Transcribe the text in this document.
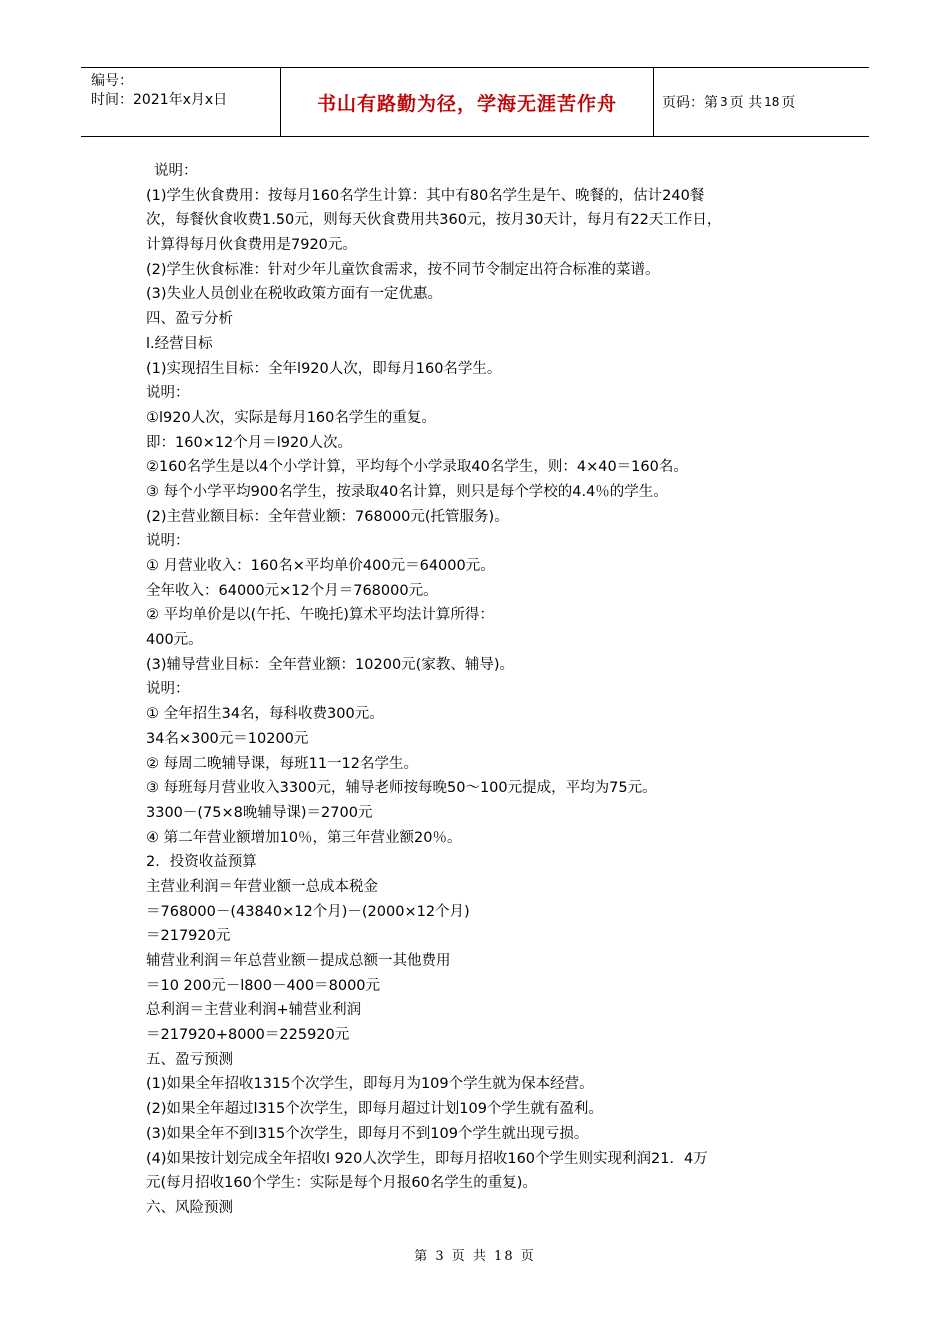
编号：
时间：2021年x月x日	书山有路勤为径，学海无涯苦作舟	页码：第 3 页 共 18 页
说明：
(1)学生伙食费用：按每月160名学生计算：其中有80名学生是午、晚餐的，估计240餐
次，每餐伙食收费1.50元，则每天伙食费用共360元，按月30天计，每月有22天工作日，
计算得每月伙食费用是7920元。
(2)学生伙食标准：针对少年儿童饮食需求，按不同节令制定出符合标准的菜谱。
(3)失业人员创业在税收政策方面有一定优惠。
四、盈亏分析
l.经营目标
(1)实现招生目标：全年l920人次，即每月160名学生。
说明：
①l920人次，实际是每月160名学生的重复。
即：160×12个月＝l920人次。
②160名学生是以4个小学计算，平均每个小学录取40名学生，则：4×40＝160名。
③ 每个小学平均900名学生，按录取40名计算，则只是每个学校的4.4％的学生。
(2)主营业额目标：全年营业额：768000元(托管服务)。
说明：
① 月营业收入：160名×平均单价400元＝64000元。
全年收入：64000元×12个月＝768000元。
② 平均单价是以(午托、午晚托)算术平均法计算所得：
400元。
(3)辅导营业目标：全年营业额：10200元(家教、辅导)。
说明：
① 全年招生34名，每科收费300元。
34名×300元＝10200元
② 每周二晚辅导课，每班11一12名学生。
③ 每班每月营业收入3300元，辅导老师按每晚50～100元提成，平均为75元。
3300－(75×8晚辅导课)＝2700元
④ 第二年营业额增加10％，第三年营业额20％。
2．投资收益预算
主营业利润＝年营业额一总成本税金
＝768000－(43840×12个月)－(2000×12个月)
＝217920元
辅营业利润＝年总营业额－提成总额一其他费用
＝10 200元－l800－400＝8000元
总利润＝主营业利润+辅营业利润
＝217920+8000＝225920元
五、盈亏预测
(1)如果全年招收1315个次学生，即每月为109个学生就为保本经营。
(2)如果全年超过l315个次学生，即每月超过计划109个学生就有盈利。
(3)如果全年不到l315个次学生，即每月不到109个学生就出现亏损。
(4)如果按计划完成全年招收l 920人次学生，即每月招收160个学生则实现利润21．4万
元(每月招收160个学生：实际是每个月报60名学生的重复)。
六、风险预测
第 3 页 共 18 页
